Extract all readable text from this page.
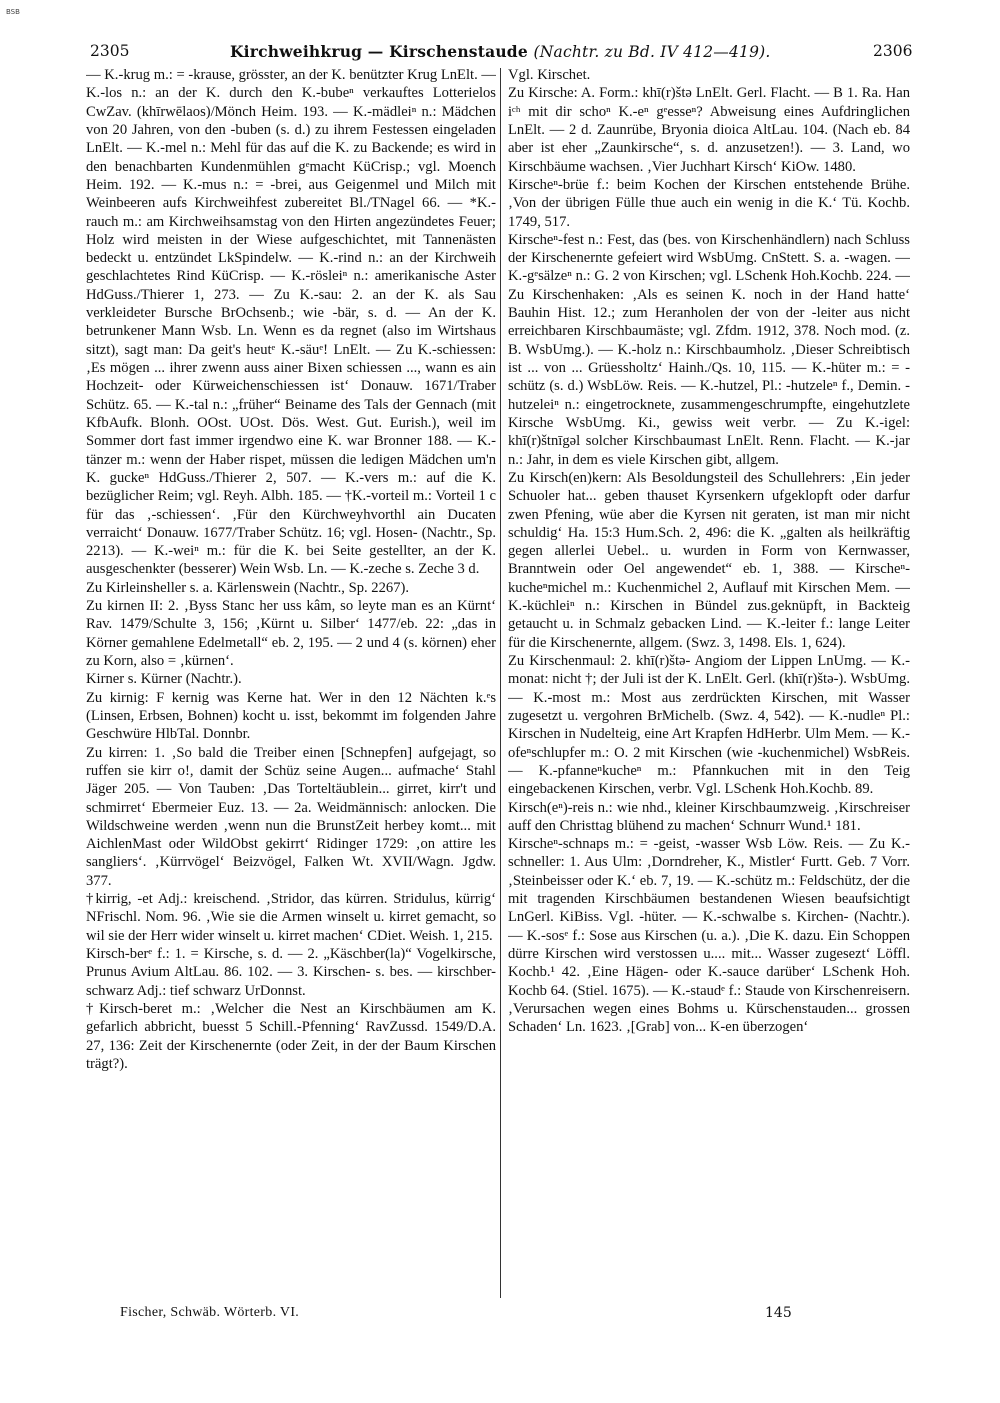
BSB
2305	Kirchweihkrug — Kirschenstaude (Nachtr. zu Bd. IV 412—419).	2306

— K.-krug m.: = -krause, grösster, an der K. benützter Krug LnElt. — K.-los n.: an der K. durch den K.-bubeⁿ verkauftes Lotterielos CwZav. (khīrwēlaos)/Mönch Heim. 193. — K.-mädleiⁿ n.: Mädchen von 20 Jahren, von den -buben (s. d.) zu ihrem Festessen eingeladen LnElt. — K.-mel n.: Mehl für das auf die K. zu Backende; es wird in den benachbarten Kundenmühlen gᵉmacht KüCrisp.; vgl. Moench Heim. 192. — K.-mus n.: = -brei, aus Geigenmel und Milch mit Weinbeeren aufs Kirchweihfest zubereitet Bl./TNagel 66. — *K.-rauch m.: am Kirchweihsamstag von den Hirten angezündetes Feuer; Holz wird meisten in der Wiese aufgeschichtet, mit Tannenästen bedeckt u. entzündet LkSpindelw. — K.-rind n.: an der Kirchweih geschlachtetes Rind KüCrisp. — K.-rösleiⁿ n.: amerikanische Aster HdGuss./Thierer 1, 273. — Zu K.-sau: 2. an der K. als Sau verkleideter Bursche BrOchsenb.; wie -bär, s. d. — An der K. betrunkener Mann Wsb. Ln. Wenn es da regnet (also im Wirtshaus sitzt), sagt man: Da geit's heutᵉ K.-säuᵉ! LnElt. — Zu K.-schiessen: ‚Es mögen ... ihrer zwenn auss ainer Bixen schiessen ..., wann es ain Hochzeit- oder Kürweichenschiessen ist‘ Donauw. 1671/Traber Schütz. 65. — K.-tal n.: „früher“ Beiname des Tals der Gennach (mit KfbAufk. Blonh. OOst. UOst. Dös. West. Gut. Eurish.), weil im Sommer dort fast immer irgendwo eine K. war Bronner 188. — K.-tänzer m.: wenn der Haber rispet, müssen die ledigen Mädchen um'n K. guckeⁿ HdGuss./Thierer 2, 507. — K.-vers m.: auf die K. bezüglicher Reim; vgl. Reyh. Albh. 185. — †K.-vorteil m.: Vorteil 1 c für das ‚-schiessen‘. ‚Für den Kürchweyhvorthl ain Ducaten verraicht‘ Donauw. 1677/Traber Schütz. 16; vgl. Hosen- (Nachtr., Sp. 2213). — K.-weiⁿ m.: für die K. bei Seite gestellter, an der K. ausgeschenkter (besserer) Wein Wsb. Ln. — K.-zeche s. Zeche 3 d.

Zu Kirleinsheller s. a. Kärlenswein (Nachtr., Sp. 2267).

Zu kirnen II: 2. ‚Byss Stanc her uss kâm, so leyte man es an Kürnt‘ Rav. 1479/Schulte 3, 156; ‚Kürnt u. Silber‘ 1477/eb. 22: „das in Körner gemahlene Edelmetall“ eb. 2, 195. — 2 und 4 (s. körnen) eher zu Korn, also = ‚kürnen‘.

Kirner s. Kürner (Nachtr.).

Zu kirnig: F kernig was Kerne hat. Wer in den 12 Nächten k.ᵉs (Linsen, Erbsen, Bohnen) kocht u. isst, bekommt im folgenden Jahre Geschwüre HlbTal. Donnbr.

Zu kirren: 1. ‚So bald die Treiber einen [Schnepfen] aufgejagt, so ruffen sie kirr o!, damit der Schüz seine Augen... aufmache‘ Stahl Jäger 205. — Von Tauben: ‚Das Torteltäublein... girret, kirr't und schmirret‘ Ebermeier Euz. 13. — 2a. Weidmännisch: anlocken. Die Wildschweine werden ‚wenn nun die BrunstZeit herbey komt... mit AichlenMast oder WildObst gekirrt‘ Ridinger 1729: ‚on attire les sangliers‘. ‚Kürrvögel‘ Beizvögel, Falken Wt. XVII/Wagn. Jgdw. 377.

†kirrig, -et Adj.: kreischend. ‚Stridor, das kürren. Stridulus, kürrig‘ NFrischl. Nom. 96. ‚Wie sie die Armen winselt u. kirret gemacht, so wil sie der Herr wider winselt u. kirret machen‘ CDiet. Weish. 1, 215.

Kirsch-berᵉ f.: 1. = Kirsche, s. d. — 2. „Käschber(la)“ Vogelkirsche, Prunus Avium AltLau. 86. 102. — 3. Kirschen- s. bes. — kirschber-schwarz Adj.: tief schwarz UrDonnst.

†Kirsch-beret m.: ‚Welcher die Nest an Kirschbäumen am K. gefarlich abbricht, buesst 5 Schill.-Pfenning‘ RavZussd. 1549/D.A. 27, 136: Zeit der Kirschenernte (oder Zeit, in der der Baum Kirschen trägt?).

Vgl. Kirschet.

Zu Kirsche: A. Form.: khī(r)štə LnElt. Gerl. Flacht. — B 1. Ra. Han iᶜʰ mit dir schoⁿ K.-eⁿ gᵉesseⁿ? Abweisung eines Aufdringlichen LnElt. — 2 d. Zaunrübe, Bryonia dioica AltLau. 104. (Nach eb. 84 aber ist eher „Zaunkirsche“, s. d. anzusetzen!). — 3. Land, wo Kirschbäume wachsen. ‚Vier Juchhart Kirsch‘ KiOw. 1480.

Kirscheⁿ-brüe f.: beim Kochen der Kirschen entstehende Brühe. ‚Von der übrigen Fülle thue auch ein wenig in die K.‘ Tü. Kochb. 1749, 517.

Kirscheⁿ-fest n.: Fest, das (bes. von Kirschenhändlern) nach Schluss der Kirschenernte gefeiert wird WsbUmg. CnStett. S. a. -wagen. — K.-gᵉsälzeⁿ n.: G. 2 von Kirschen; vgl. LSchenk Hoh.Kochb. 224. — Zu Kirschenhaken: ‚Als es seinen K. noch in der Hand hatte‘ Bauhin Hist. 12.; zum Heranholen der von der -leiter aus nicht erreichbaren Kirschbaumäste; vgl. Zfdm. 1912, 378. Noch mod. (z. B. WsbUmg.). — K.-holz n.: Kirschbaumholz. ‚Dieser Schreibtisch ist ... von ... Grüessholtz‘ Hainh./Qs. 10, 115. — K.-hüter m.: = -schütz (s. d.) WsbLöw. Reis. — K.-hutzel, Pl.: -hutzeleⁿ f., Demin. -hutzeleiⁿ n.: eingetrocknete, zusammengeschrumpfte, eingehutzlete Kirsche WsbUmg. Ki., gewiss weit verbr. — Zu K.-igel: khī(r)štnīgəl solcher Kirschbaumast LnElt. Renn. Flacht. — K.-jar n.: Jahr, in dem es viele Kirschen gibt, allgem.

Zu Kirsch(en)kern: Als Besoldungsteil des Schullehrers: ‚Ein jeder Schuoler hat... geben thauset Kyrsenkern ufgeklopft oder darfur zwen Pfening, wüe aber die Kyrsen nit geraten, ist man mir nicht schuldig‘ Ha. 15:3 Hum.Sch. 2, 496: die K. „galten als heilkräftig gegen allerlei Uebel.. u. wurden in Form von Kernwasser, Branntwein oder Oel angewendet“ eb. 1, 388. — Kirscheⁿ-kucheⁿmichel m.: Kuchenmichel 2, Auflauf mit Kirschen Mem. — K.-küchleiⁿ n.: Kirschen in Bündel zus.geknüpft, in Backteig getaucht u. in Schmalz gebacken Lind. — K.-leiter f.: lange Leiter für die Kirschenernte, allgem. (Swz. 3, 1498. Els. 1, 624).

Zu Kirschenmaul: 2. khī(r)štə- Angiom der Lippen LnUmg. — K.-monat: nicht †; der Juli ist der K. LnElt. Gerl. (khī(r)štə-). WsbUmg. — K.-most m.: Most aus zerdrückten Kirschen, mit Wasser zugesetzt u. vergohren BrMichelb. (Swz. 4, 542). — K.-nudleⁿ Pl.: Kirschen in Nudelteig, eine Art Krapfen HdHerbr. Ulm Mem. — K.-ofeⁿschlupfer m.: O. 2 mit Kirschen (wie -kuchenmichel) WsbReis. — K.-pfanneⁿkucheⁿ m.: Pfannkuchen mit in den Teig eingebackenen Kirschen, verbr. Vgl. LSchenk Hoh.Kochb. 89.

Kirsch(eⁿ)-reis n.: wie nhd., kleiner Kirschbaumzweig. ‚Kirschreiser auff den Christtag blühend zu machen‘ Schnurr Wund.¹ 181.

Kirscheⁿ-schnaps m.: = -geist, -wasser Wsb Löw. Reis. — Zu K.-schneller: 1. Aus Ulm: ‚Dorndreher, K., Mistler‘ Furtt. Geb. 7 Vorr. ‚Steinbeisser oder K.‘ eb. 7, 19. — K.-schütz m.: Feldschütz, der die mit tragenden Kirschbäumen bestandenen Wiesen beaufsichtigt LnGerl. KiBiss. Vgl. -hüter. — K.-schwalbe s. Kirchen- (Nachtr.). — K.-sosᵉ f.: Sose aus Kirschen (u. a.). ‚Die K. dazu. Ein Schoppen dürre Kirschen wird verstossen u.... mit... Wasser zugesezt‘ Löffl. Kochb.¹ 42. ‚Eine Hägen- oder K.-sauce darüber‘ LSchenk Hoh. Kochb 64. (Stiel. 1675). — K.-staudᵉ f.: Staude von Kirschenreisern. ‚Verursachen wegen eines Bohms u. Kürschenstauden... grossen Schaden‘ Ln. 1623. ‚[Grab] von... K-en überzogen‘

Fischer, Schwäb. Wörterb. VI.	145
